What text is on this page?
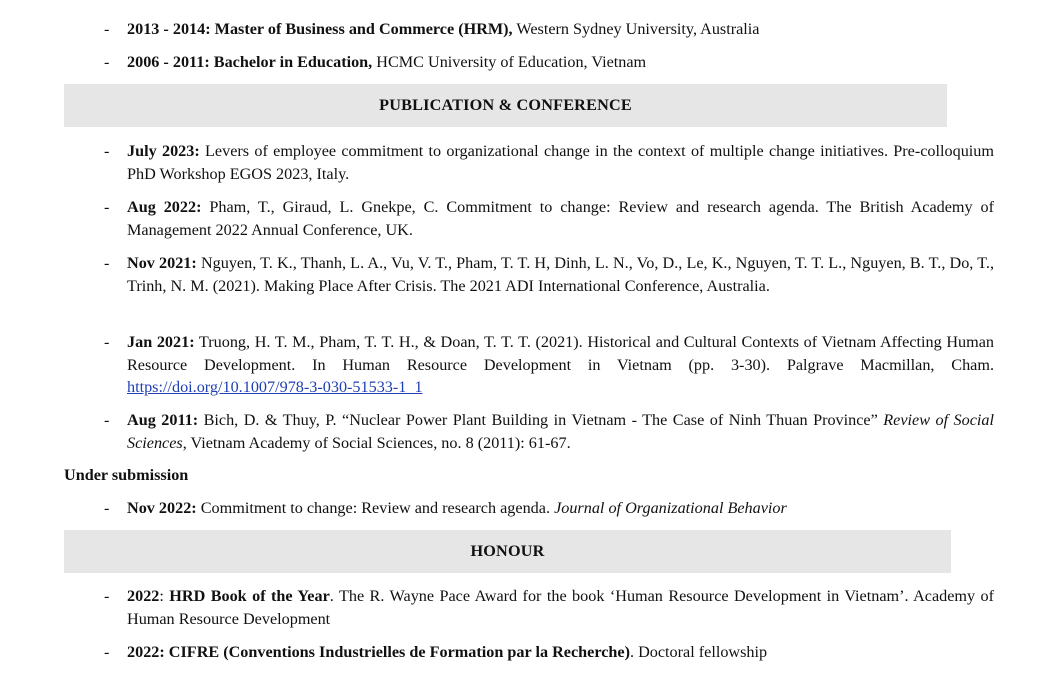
- 2013 - 2014: Master of Business and Commerce (HRM), Western Sydney University, Australia
- 2006 - 2011: Bachelor in Education, HCMC University of Education, Vietnam
PUBLICATION & CONFERENCE
- July 2023: Levers of employee commitment to organizational change in the context of multiple change initiatives. Pre-colloquium PhD Workshop EGOS 2023, Italy.
- Aug 2022: Pham, T., Giraud, L. Gnekpe, C. Commitment to change: Review and research agenda. The British Academy of Management 2022 Annual Conference, UK.
- Nov 2021: Nguyen, T. K., Thanh, L. A., Vu, V. T., Pham, T. T. H, Dinh, L. N., Vo, D., Le, K., Nguyen, T. T. L., Nguyen, B. T., Do, T., Trinh, N. M. (2021). Making Place After Crisis. The 2021 ADI International Conference, Australia.
- Jan 2021: Truong, H. T. M., Pham, T. T. H., & Doan, T. T. T. (2021). Historical and Cultural Contexts of Vietnam Affecting Human Resource Development. In Human Resource Development in Vietnam (pp. 3-30). Palgrave Macmillan, Cham. https://doi.org/10.1007/978-3-030-51533-1_1
- Aug 2011: Bich, D. & Thuy, P. “Nuclear Power Plant Building in Vietnam - The Case of Ninh Thuan Province” Review of Social Sciences, Vietnam Academy of Social Sciences, no. 8 (2011): 61-67.
Under submission
- Nov 2022: Commitment to change: Review and research agenda. Journal of Organizational Behavior
HONOUR
- 2022: HRD Book of the Year. The R. Wayne Pace Award for the book ‘Human Resource Development in Vietnam’. Academy of Human Resource Development
- 2022: CIFRE (Conventions Industrielles de Formation par la Recherche). Doctoral fellowship
